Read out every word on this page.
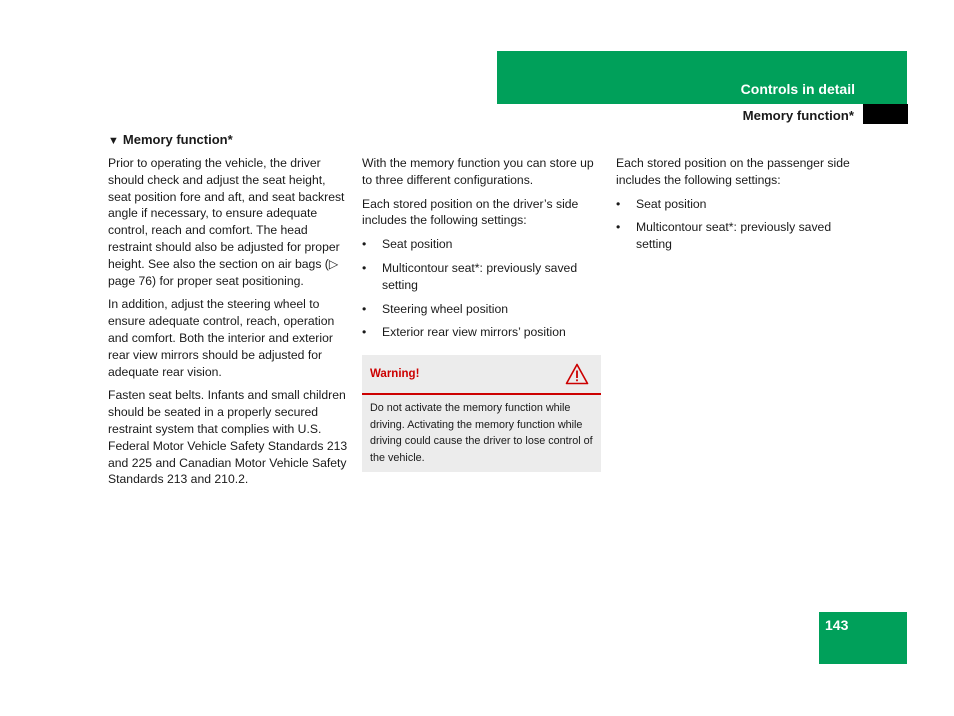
Controls in detail
Memory function*
▼ Memory function*

Prior to operating the vehicle, the driver should check and adjust the seat height, seat position fore and aft, and seat backrest angle if necessary, to ensure adequate control, reach and comfort. The head restraint should also be adjusted for proper height. See also the section on air bags (▷ page 76) for proper seat positioning.

In addition, adjust the steering wheel to ensure adequate control, reach, operation and comfort. Both the interior and exterior rear view mirrors should be adjusted for adequate rear vision.

Fasten seat belts. Infants and small children should be seated in a properly secured restraint system that complies with U.S. Federal Motor Vehicle Safety Standards 213 and 225 and Canadian Motor Vehicle Safety Standards 213 and 210.2.

With the memory function you can store up to three different configurations.

Each stored position on the driver’s side includes the following settings:

• Seat position
• Multicontour seat*: previously saved setting
• Steering wheel position
• Exterior rear view mirrors’ position
Warning!
Do not activate the memory function while driving. Activating the memory function while driving could cause the driver to lose control of the vehicle.

Each stored position on the passenger side includes the following settings:

• Seat position
• Multicontour seat*: previously saved setting
143
